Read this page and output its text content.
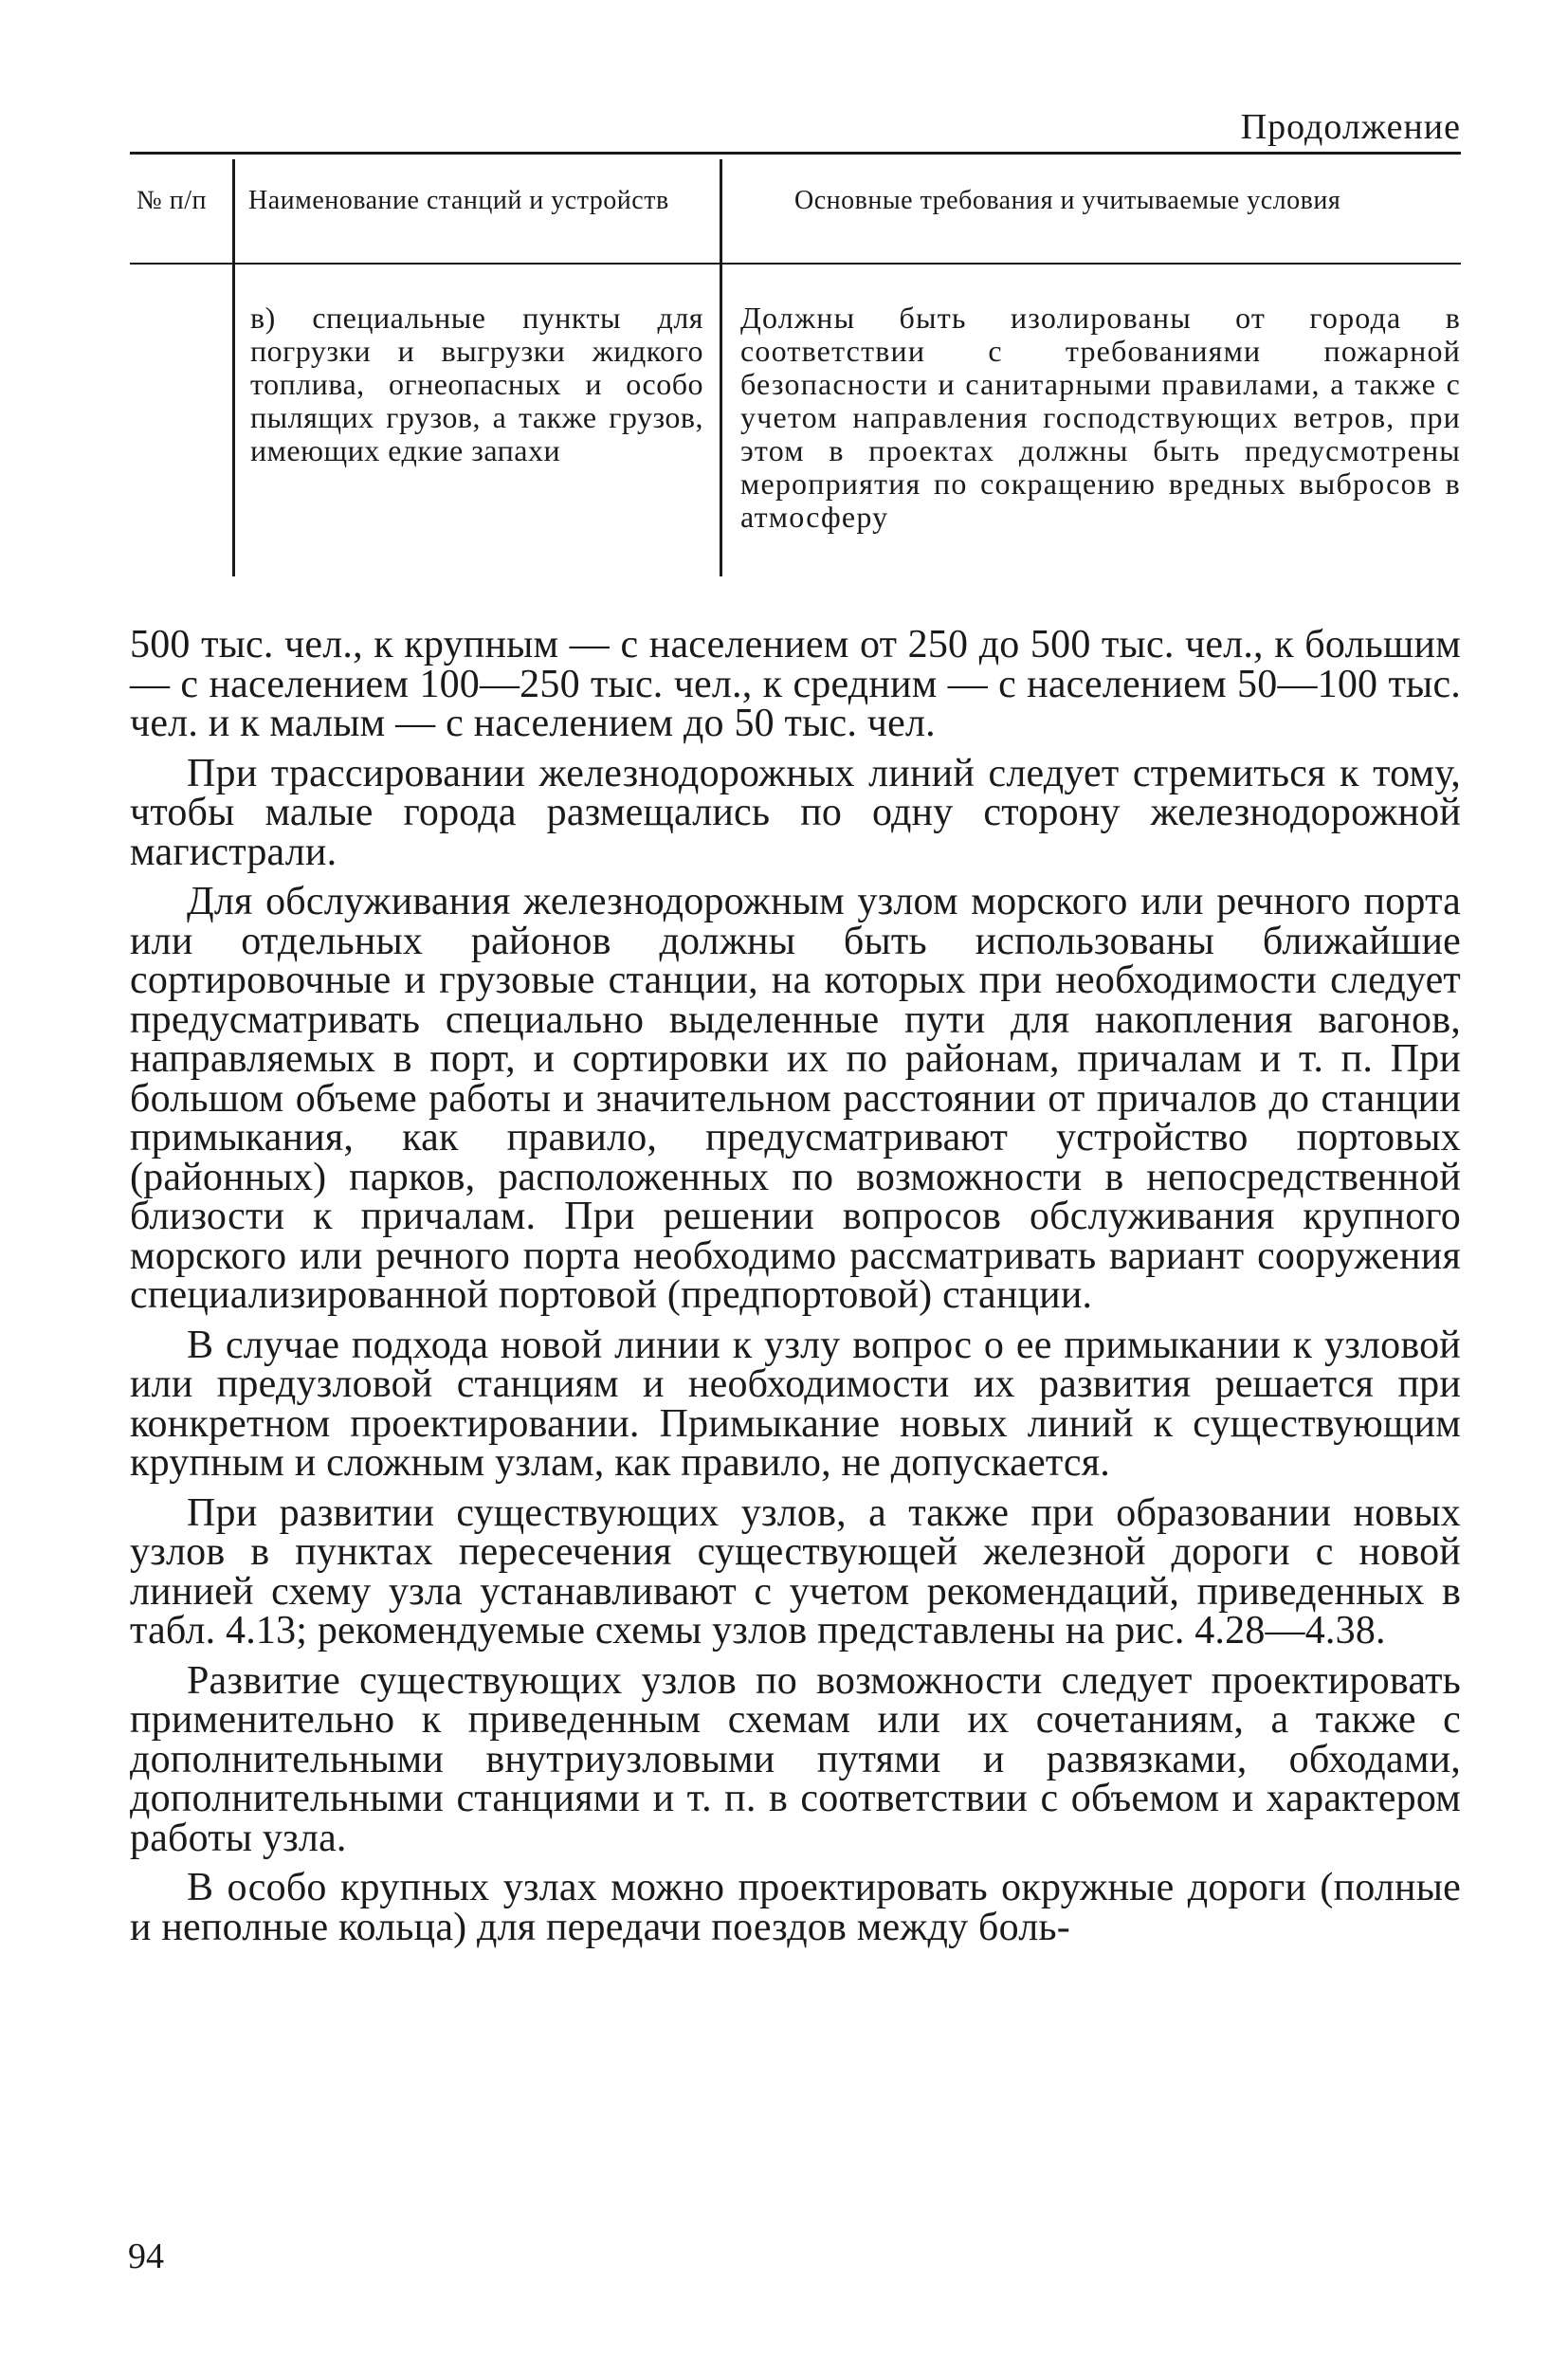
Продолжение
№ п/п Наименование станций и устройств	Основные требования и учитываемые условия
в) специальные пункты для погрузки и выгрузки жидкого топлива, огнеопасных и особо пылящих грузов, а также грузов, имеющих едкие запахи
Должны быть изолированы от города в соответствии с требованиями пожарной безопасности и санитарными правилами, а также с учетом направления господствующих ветров, при этом в проектах должны быть предусмотрены мероприятия по сокращению вредных выбросов в атмосферу

500 тыс. чел., к крупным — с населением от 250 до 500 тыс. чел., к большим — с населением 100—250 тыс. чел., к средним — с населением 50—100 тыс. чел. и к малым — с населением до 50 тыс. чел.

При трассировании железнодорожных линий следует стремиться к тому, чтобы малые города размещались по одну сторону железнодорожной магистрали.

Для обслуживания железнодорожным узлом морского или речного порта или отдельных районов должны быть использованы ближайшие сортировочные и грузовые станции, на которых при необходимости следует предусматривать специально выделенные пути для накопления вагонов, направляемых в порт, и сортировки их по районам, причалам и т. п. При большом объеме работы и значительном расстоянии от причалов до станции примыкания, как правило, предусматривают устройство портовых (районных) парков, расположенных по возможности в непосредственной близости к причалам. При решении вопросов обслуживания крупного морского или речного порта необходимо рассматривать вариант сооружения специализированной портовой (предпортовой) станции.

В случае подхода новой линии к узлу вопрос о ее примыкании к узловой или предузловой станциям и необходимости их развития решается при конкретном проектировании. Примыкание новых линий к существующим крупным и сложным узлам, как правило, не допускается.

При развитии существующих узлов, а также при образовании новых узлов в пунктах пересечения существующей железной дороги с новой линией схему узла устанавливают с учетом рекомендаций, приведенных в табл. 4.13; рекомендуемые схемы узлов представлены на рис. 4.28—4.38.

Развитие существующих узлов по возможности следует проектировать применительно к приведенным схемам или их сочетаниям, а также с дополнительными внутриузловыми путями и развязками, обходами, дополнительными станциями и т. п. в соответствии с объемом и характером работы узла.

В особо крупных узлах можно проектировать окружные дороги (полные и неполные кольца) для передачи поездов между боль-

94
